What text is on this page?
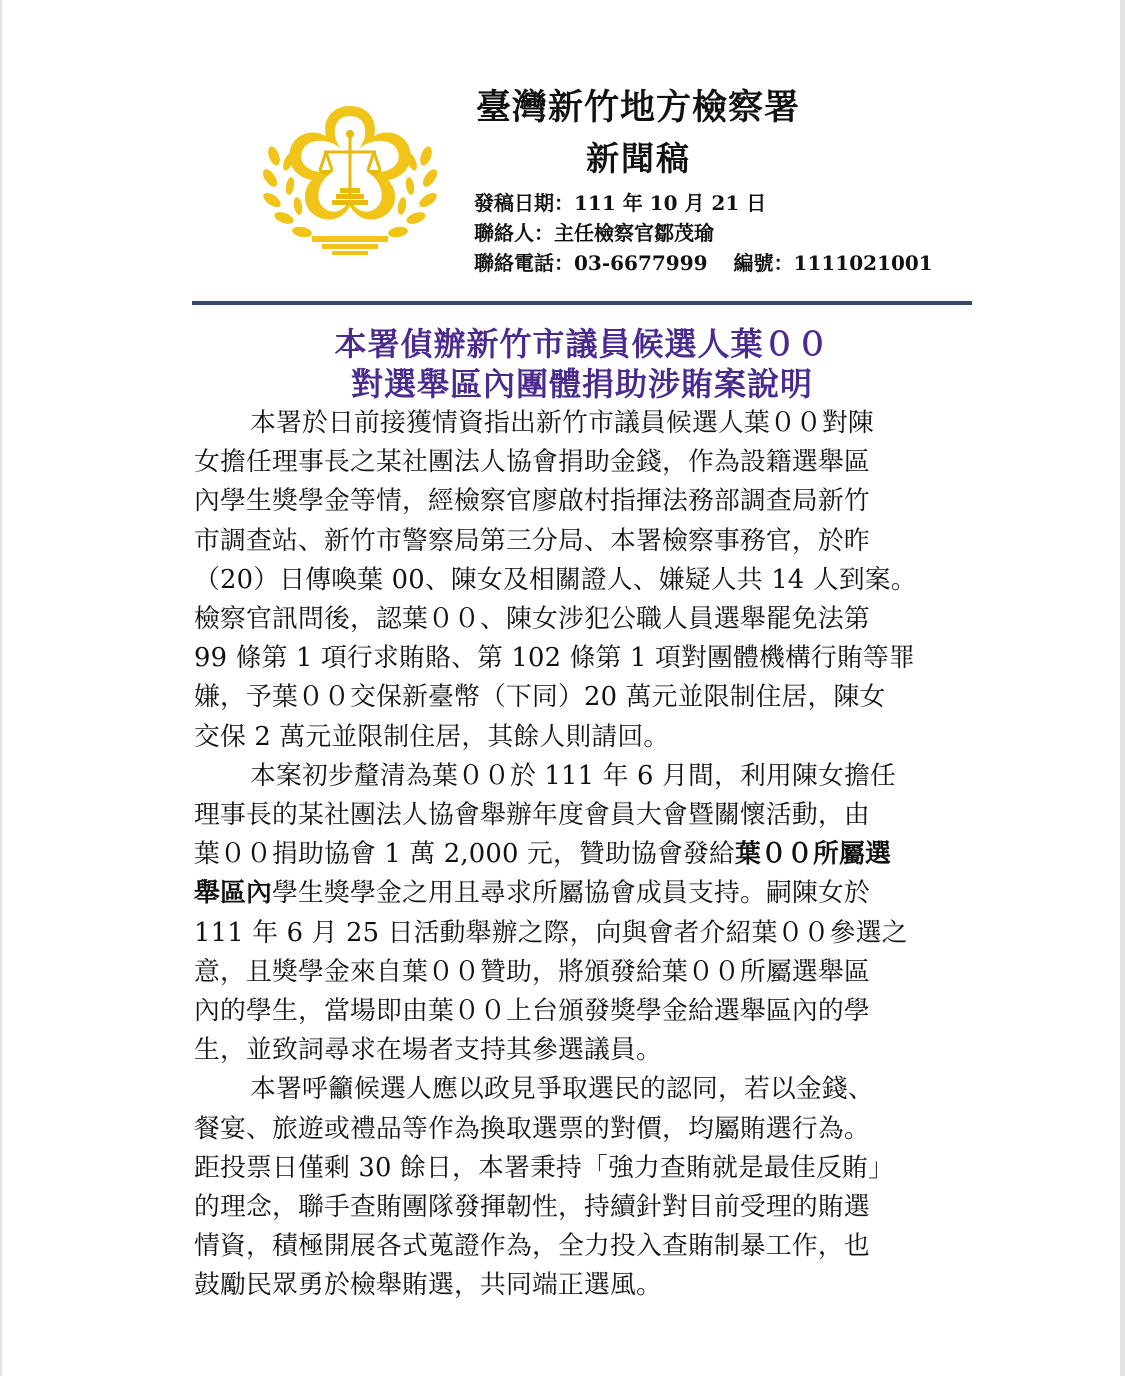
臺灣新竹地方檢察署
新聞稿
發稿日期：111 年 10 月 21 日
聯絡人：主任檢察官鄒茂瑜
聯絡電話：03-6677999 編號：1111021001
本署偵辦新竹市議員候選人葉００
對選舉區內團體捐助涉賄案說明

本署於日前接獲情資指出新竹市議員候選人葉００對陳
女擔任理事長之某社團法人協會捐助金錢，作為設籍選舉區
內學生獎學金等情，經檢察官廖啟村指揮法務部調查局新竹
市調查站、新竹市警察局第三分局、本署檢察事務官，於昨
（20）日傳喚葉 00、陳女及相關證人、嫌疑人共 14 人到案。
檢察官訊問後，認葉００、陳女涉犯公職人員選舉罷免法第
99 條第 1 項行求賄賂、第 102 條第 1 項對團體機構行賄等罪
嫌，予葉００交保新臺幣（下同）20 萬元並限制住居，陳女
交保 2 萬元並限制住居，其餘人則請回。

本案初步釐清為葉００於 111 年 6 月間，利用陳女擔任
理事長的某社團法人協會舉辦年度會員大會暨關懷活動，由
葉００捐助協會 1 萬 2,000 元，贊助協會發給葉００所屬選
舉區內學生獎學金之用且尋求所屬協會成員支持。嗣陳女於
111 年 6 月 25 日活動舉辦之際，向與會者介紹葉００參選之
意，且獎學金來自葉００贊助，將頒發給葉００所屬選舉區
內的學生，當場即由葉００上台頒發獎學金給選舉區內的學
生，並致詞尋求在場者支持其參選議員。

本署呼籲候選人應以政見爭取選民的認同，若以金錢、
餐宴、旅遊或禮品等作為換取選票的對價，均屬賄選行為。
距投票日僅剩 30 餘日，本署秉持「強力查賄就是最佳反賄」
的理念，聯手查賄團隊發揮韌性，持續針對目前受理的賄選
情資，積極開展各式蒐證作為，全力投入查賄制暴工作，也
鼓勵民眾勇於檢舉賄選，共同端正選風。
